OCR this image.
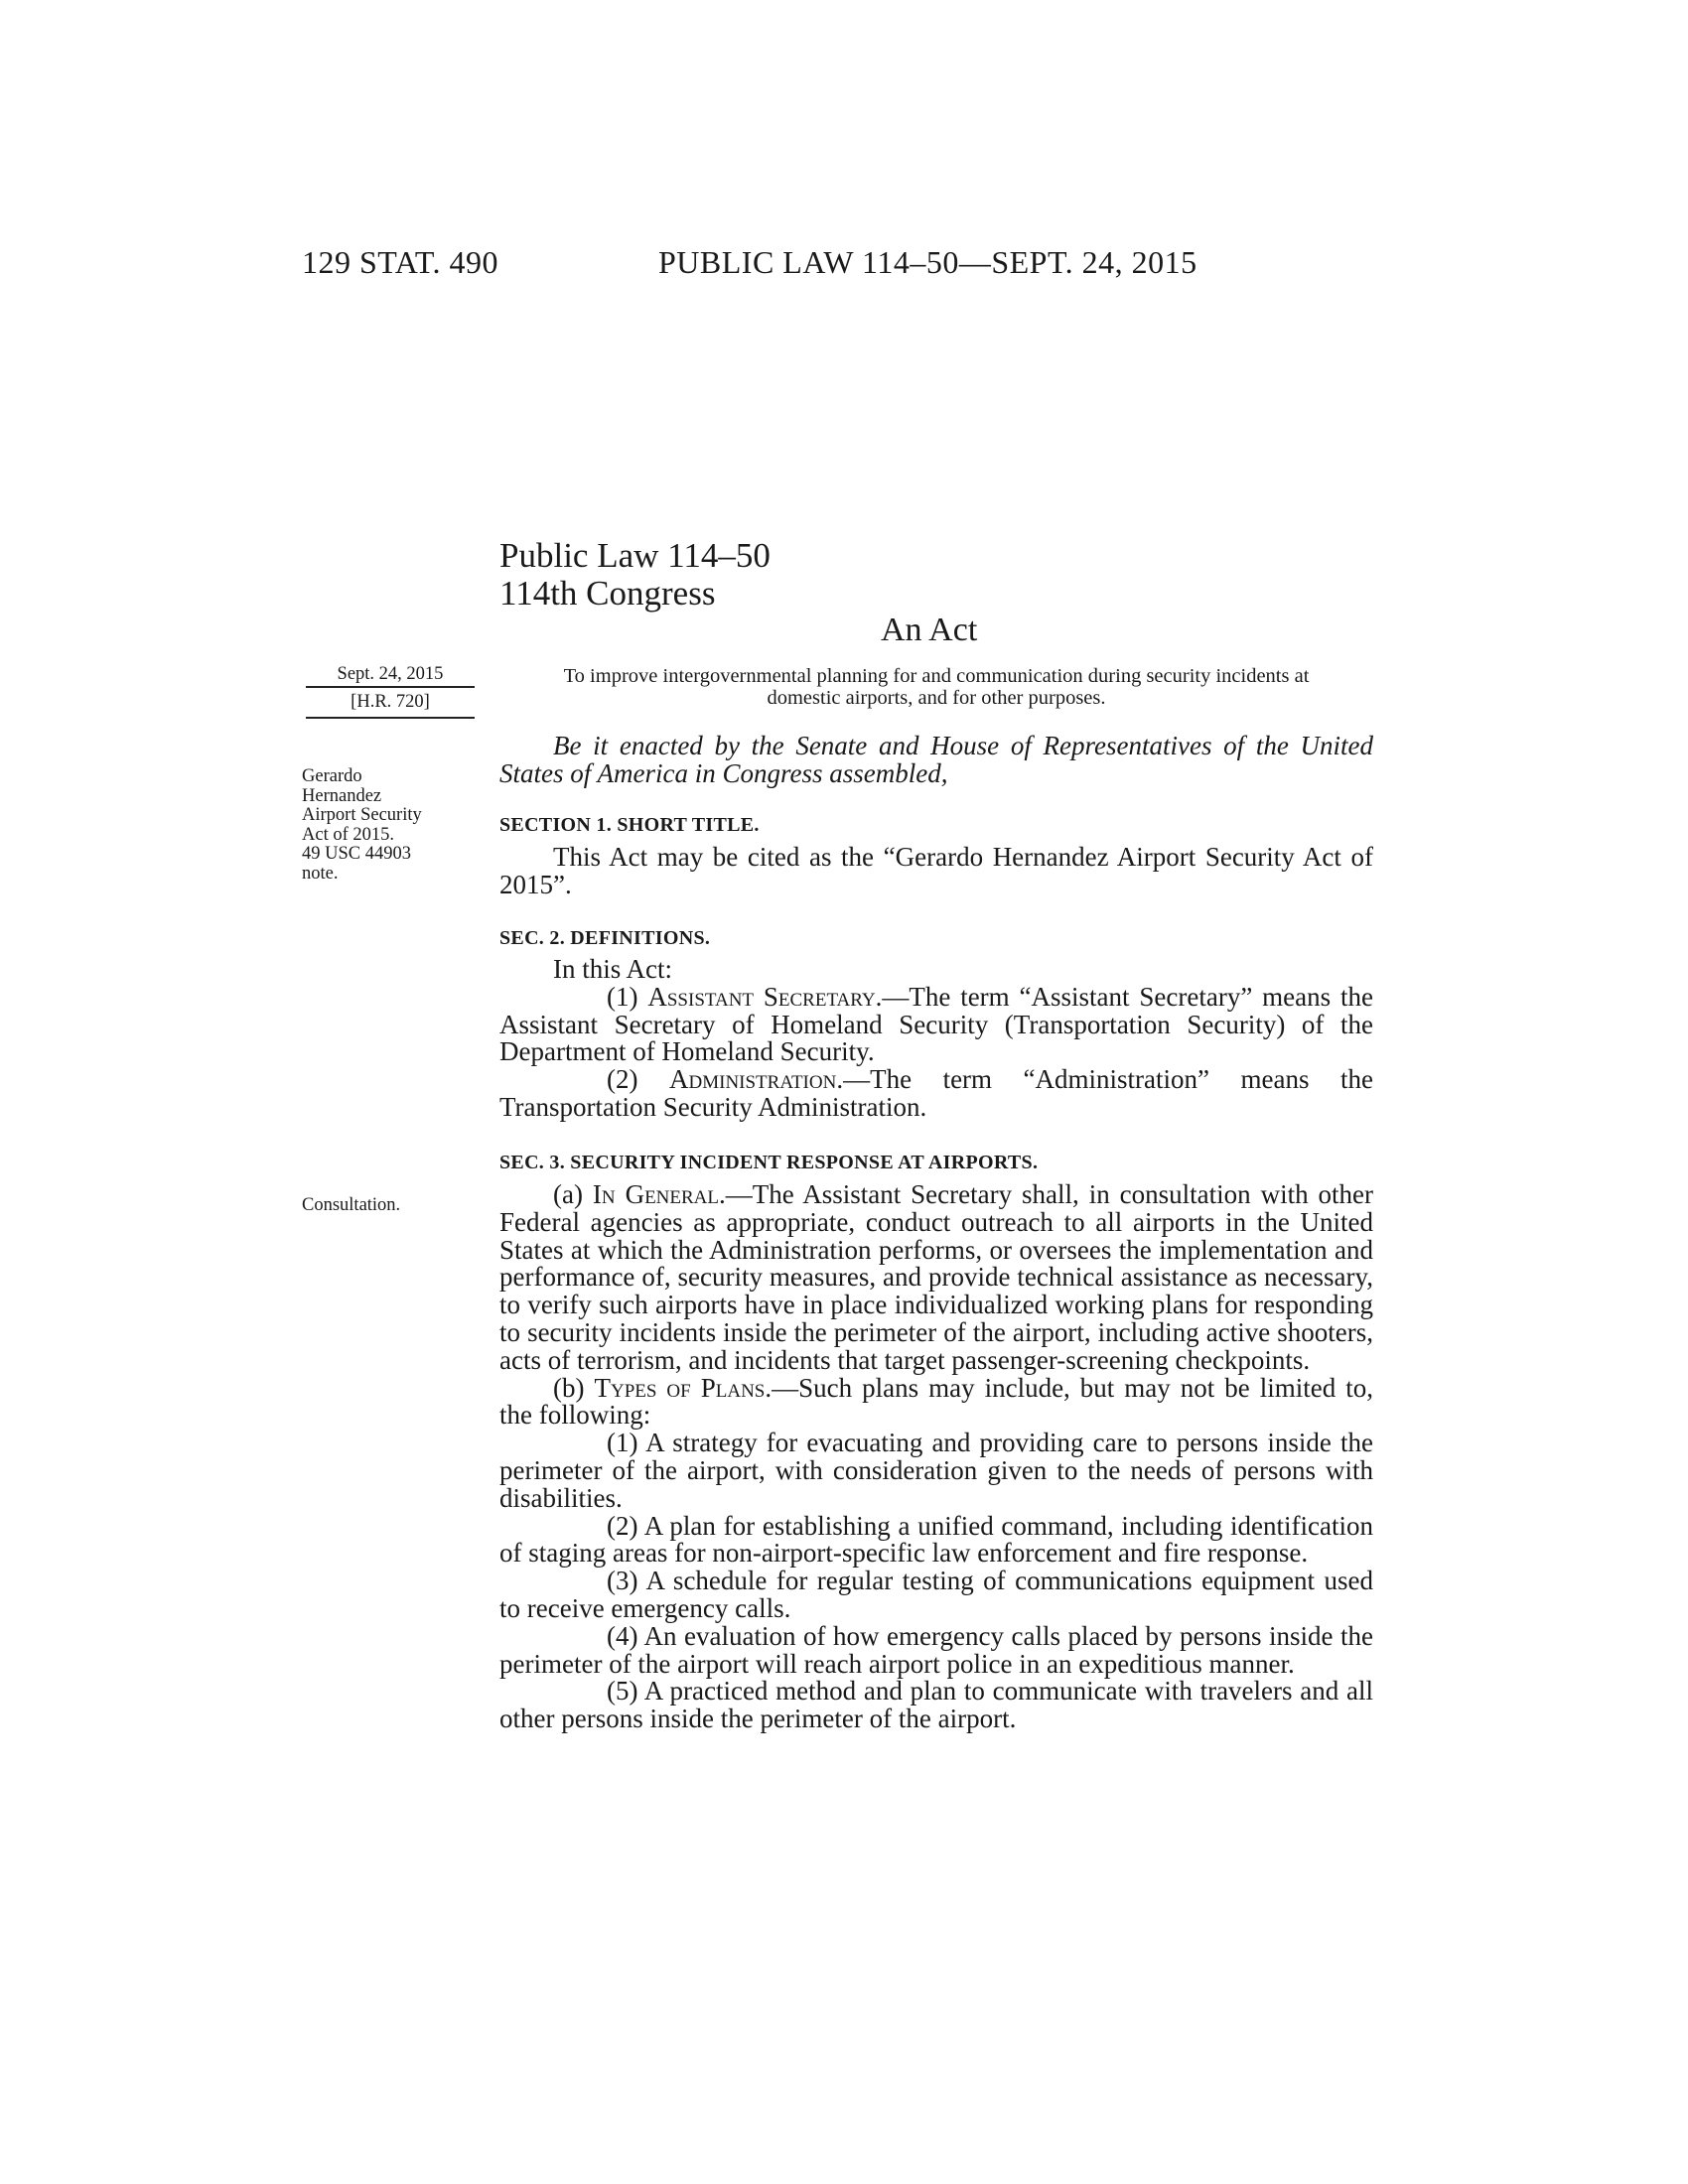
129 STAT. 490	PUBLIC LAW 114–50—SEPT. 24, 2015
Public Law 114–50
114th Congress
An Act
Sept. 24, 2015
[H.R. 720]
Gerardo
Hernandez
Airport Security
Act of 2015.
49 USC 44903
note.
Consultation.
To improve intergovernmental planning for and communication during security incidents at domestic airports, and for other purposes.

Be it enacted by the Senate and House of Representatives of the United States of America in Congress assembled,

SECTION 1. SHORT TITLE.

This Act may be cited as the “Gerardo Hernandez Airport Security Act of 2015”.

SEC. 2. DEFINITIONS.

In this Act:

(1) Assistant Secretary.—The term “Assistant Secretary” means the Assistant Secretary of Homeland Security (Transportation Security) of the Department of Homeland Security.

(2) Administration.—The term “Administration” means the Transportation Security Administration.

SEC. 3. SECURITY INCIDENT RESPONSE AT AIRPORTS.

(a) In General.—The Assistant Secretary shall, in consultation with other Federal agencies as appropriate, conduct outreach to all airports in the United States at which the Administration performs, or oversees the implementation and performance of, security measures, and provide technical assistance as necessary, to verify such airports have in place individualized working plans for responding to security incidents inside the perimeter of the airport, including active shooters, acts of terrorism, and incidents that target passenger-screening checkpoints.

(b) Types of Plans.—Such plans may include, but may not be limited to, the following:

(1) A strategy for evacuating and providing care to persons inside the perimeter of the airport, with consideration given to the needs of persons with disabilities.

(2) A plan for establishing a unified command, including identification of staging areas for non-airport-specific law enforcement and fire response.

(3) A schedule for regular testing of communications equipment used to receive emergency calls.

(4) An evaluation of how emergency calls placed by persons inside the perimeter of the airport will reach airport police in an expeditious manner.

(5) A practiced method and plan to communicate with travelers and all other persons inside the perimeter of the airport.
